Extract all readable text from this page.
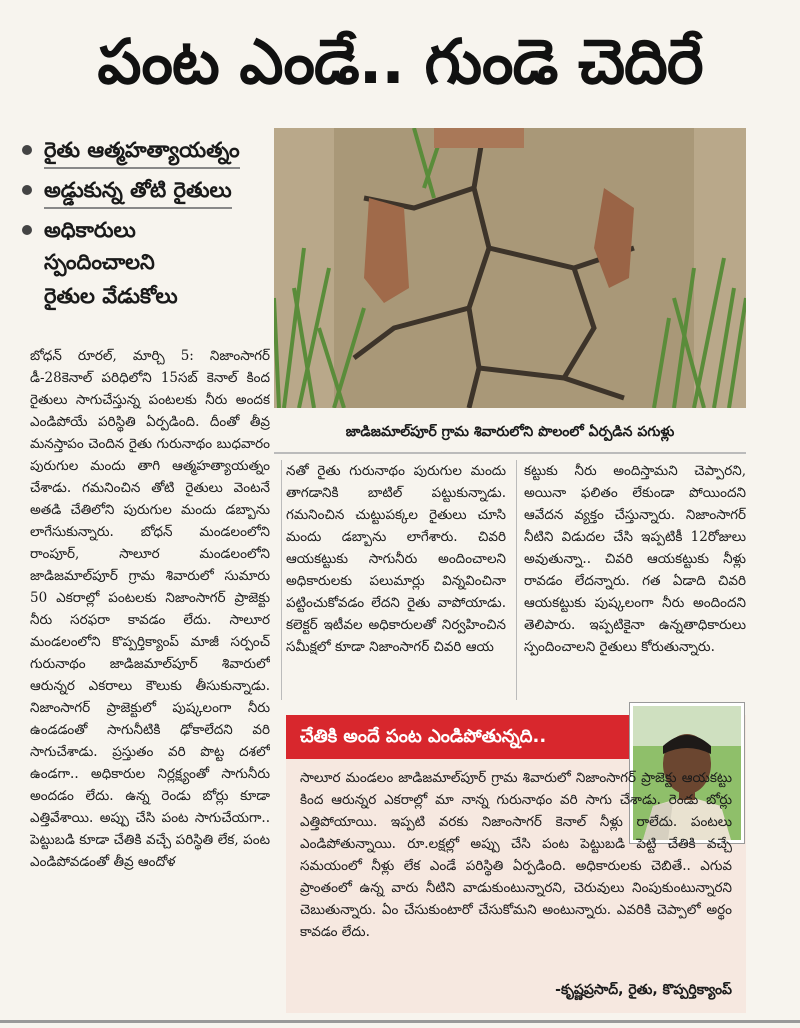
పంట ఎండే.. గుండె చెదిరే
రైతు ఆత్మహత్యాయత్నం
అడ్డుకున్న తోటి రైతులు
అధికారులు
స్పందించాలని
రైతుల వేడుకోలు
జాడిజమాల్‌పూర్ గ్రామ శివారులోని పొలంలో ఏర్పడిన పగుళ్లు
బోధన్ రూరల్, మార్చి 5: నిజాంసాగర్ డీ-28కెనాల్ పరిధిలోని 15సబ్ కెనాల్ కింద రైతులు సాగుచేస్తున్న పంటలకు నీరు అందక ఎండిపోయే పరిస్థితి ఏర్పడింది. దీంతో తీవ్ర మనస్తాపం చెందిన రైతు గురునాథం బుధవారం పురుగుల మందు తాగి ఆత్మహత్యాయత్నం చేశాడు. గమనించిన తోటి రైతులు వెంటనే అతడి చేతిలోని పురుగుల మందు డబ్బాను లాగేసుకున్నారు. బోధన్ మండలంలోని రాంపూర్, సాలూర మండలంలోని జాడిజమాల్‌పూర్ గ్రామ శివారులో సుమారు 50 ఎకరాల్లో పంటలకు నిజాంసాగర్ ప్రాజెక్టు నీరు సరఫరా కావడం లేదు. సాలూర మండలంలోని కొప్పర్తిక్యాంప్ మాజీ సర్పంచ్ గురునాథం జాడిజమాల్‌పూర్ శివారులో ఆరున్నర ఎకరాలు కౌలుకు తీసుకున్నాడు. నిజాంసాగర్ ప్రాజెక్టులో పుష్కలంగా నీరు ఉండడంతో సాగునీటికి ఢోకాలేదని వరి సాగుచేశాడు. ప్రస్తుతం వరి పొట్ట దశలో ఉండగా.. అధికారుల నిర్లక్ష్యంతో సాగునీరు అందడం లేదు. ఉన్న రెండు బోర్లు కూడా ఎత్తివేశాయి. అప్పు చేసి పంట సాగుచేయగా.. పెట్టుబడి కూడా చేతికి వచ్చే పరిస్థితి లేక, పంట ఎండిపోవడంతో తీవ్ర ఆందోళ
నతో రైతు గురునాథం పురుగుల మందు తాగడానికి బాటిల్ పట్టుకున్నాడు. గమనించిన చుట్టుపక్కల రైతులు చూసి మందు డబ్బాను లాగేశారు. చివరి ఆయకట్టుకు సాగునీరు అందించాలని అధికారులకు పలుమార్లు విన్నవించినా పట్టించుకోవడం లేదని రైతు వాపోయాడు. కలెక్టర్ ఇటీవల అధికారులతో నిర్వహించిన సమీక్షలో కూడా నిజాంసాగర్ చివరి ఆయ
కట్టుకు నీరు అందిస్తామని చెప్పారని, అయినా ఫలితం లేకుండా పోయిందని ఆవేదన వ్యక్తం చేస్తున్నారు. నిజాంసాగర్ నీటిని విడుదల చేసి ఇప్పటికీ 12రోజులు అవుతున్నా.. చివరి ఆయకట్టుకు నీళ్లు రావడం లేదన్నారు. గత ఏడాది చివరి ఆయకట్టుకు పుష్కలంగా నీరు అందిందని తెలిపారు. ఇప్పటికైనా ఉన్నతాధికారులు స్పందించాలని రైతులు కోరుతున్నారు.
చేతికి అందే పంట ఎండిపోతున్నది..
సాలూర మండలం జాడిజమాల్‌పూర్ గ్రామ శివారులో నిజాంసాగర్ ప్రాజెక్టు ఆయకట్టు కింద ఆరున్నర ఎకరాల్లో మా నాన్న గురునాథం వరి సాగు చేశాడు. రెండు బోర్లు ఎత్తిపోయాయి. ఇప్పటి వరకు నిజాంసాగర్ కెనాల్ నీళ్లు రాలేదు. పంటలు ఎండిపోతున్నాయి. రూ.లక్షల్లో అప్పు చేసి పంట పెట్టుబడి పెట్టి చేతికి వచ్చే సమయంలో నీళ్లు లేక ఎండే పరిస్థితి ఏర్పడింది. అధికారులకు చెబితే.. ఎగువ ప్రాంతంలో ఉన్న వారు నీటిని వాడుకుంటున్నారని, చెరువులు నింపుకుంటున్నారని చెబుతున్నారు. ఏం చేసుకుంటారో చేసుకోమని అంటున్నారు. ఎవరికి చెప్పాలో అర్థం కావడం లేదు.
-కృష్ణప్రసాద్, రైతు, కొప్పర్తిక్యాంప్
